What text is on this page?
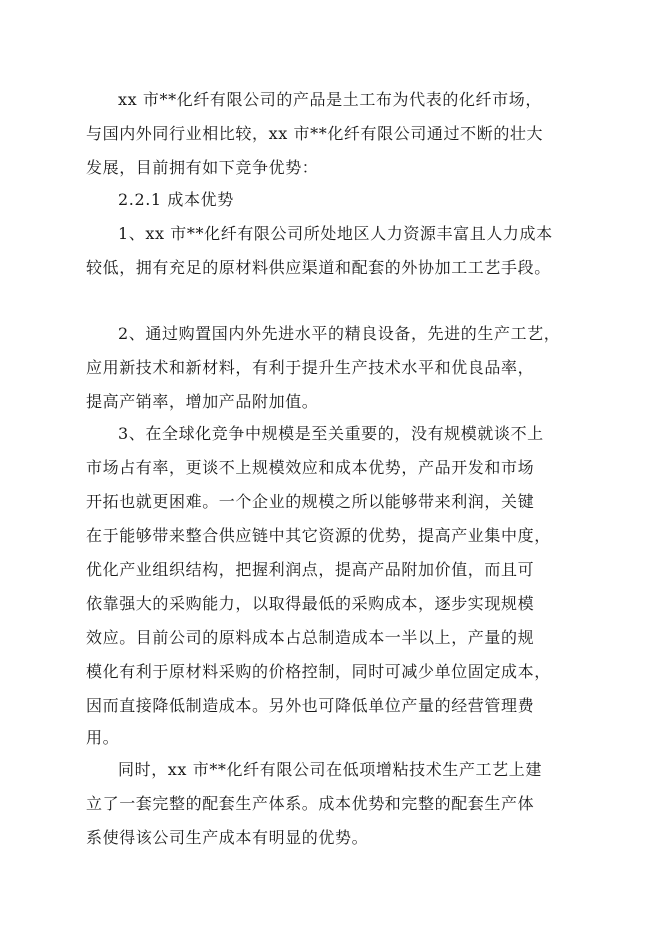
xx 市**化纤有限公司的产品是土工布为代表的化纤市场，
与国内外同行业相比较，xx 市**化纤有限公司通过不断的壮大
发展，目前拥有如下竞争优势：
2.2.1 成本优势
1、xx 市**化纤有限公司所处地区人力资源丰富且人力成本
较低，拥有充足的原材料供应渠道和配套的外协加工工艺手段。
2、通过购置国内外先进水平的精良设备，先进的生产工艺，
应用新技术和新材料，有利于提升生产技术水平和优良品率，
提高产销率，增加产品附加值。
3、在全球化竞争中规模是至关重要的，没有规模就谈不上
市场占有率，更谈不上规模效应和成本优势，产品开发和市场
开拓也就更困难。一个企业的规模之所以能够带来利润，关键
在于能够带来整合供应链中其它资源的优势，提高产业集中度，
优化产业组织结构，把握利润点，提高产品附加价值，而且可
依靠强大的采购能力，以取得最低的采购成本，逐步实现规模
效应。目前公司的原料成本占总制造成本一半以上，产量的规
模化有利于原材料采购的价格控制，同时可减少单位固定成本，
因而直接降低制造成本。另外也可降低单位产量的经营管理费
用。
同时，xx 市**化纤有限公司在低项增粘技术生产工艺上建
立了一套完整的配套生产体系。成本优势和完整的配套生产体
系使得该公司生产成本有明显的优势。
